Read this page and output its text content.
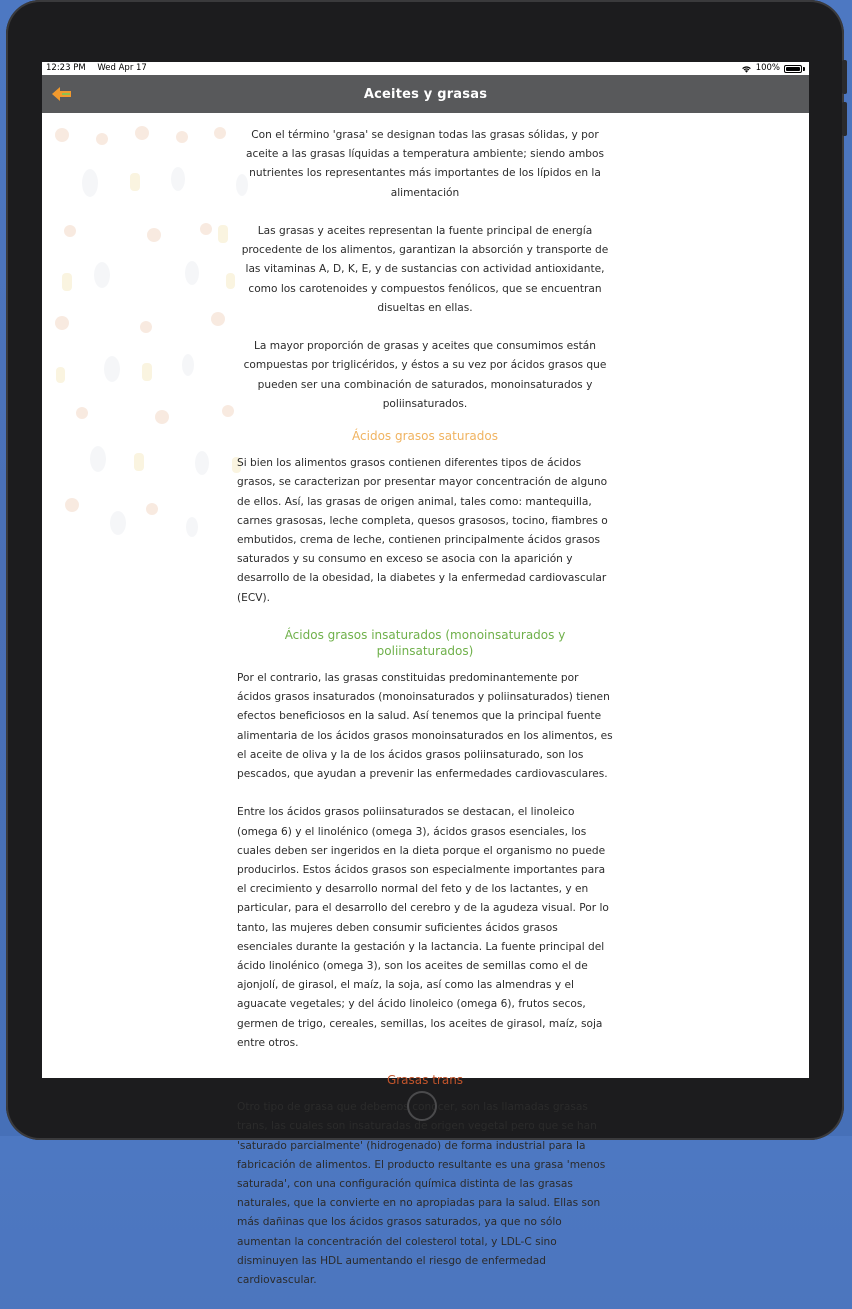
12:23 PM Wed Apr 17	100%
Aceites y grasas

Con el término 'grasa' se designan todas las grasas sólidas, y por aceite a las grasas líquidas a temperatura ambiente; siendo ambos nutrientes los representantes más importantes de los lípidos en la alimentación

Las grasas y aceites representan la fuente principal de energía procedente de los alimentos, garantizan la absorción y transporte de las vitaminas A, D, K, E, y de sustancias con actividad antioxidante, como los carotenoides y compuestos fenólicos, que se encuentran disueltas en ellas.

La mayor proporción de grasas y aceites que consumimos están compuestas por triglicéridos, y éstos a su vez por ácidos grasos que pueden ser una combinación de saturados, monoinsaturados y poliinsaturados.

Ácidos grasos saturados

Si bien los alimentos grasos contienen diferentes tipos de ácidos grasos, se caracterizan por presentar mayor concentración de alguno de ellos. Así, las grasas de origen animal, tales como: mantequilla, carnes grasosas, leche completa, quesos grasosos, tocino, fiambres o embutidos, crema de leche, contienen principalmente ácidos grasos saturados y su consumo en exceso se asocia con la aparición y desarrollo de la obesidad, la diabetes y la enfermedad cardiovascular (ECV).

Ácidos grasos insaturados (monoinsaturados y poliinsaturados)

Por el contrario, las grasas constituidas predominantemente por ácidos grasos insaturados (monoinsaturados y poliinsaturados) tienen efectos beneficiosos en la salud. Así tenemos que la principal fuente alimentaria de los ácidos grasos monoinsaturados en los alimentos, es el aceite de oliva y la de los ácidos grasos poliinsaturado, son los pescados, que ayudan a prevenir las enfermedades cardiovasculares.

Entre los ácidos grasos poliinsaturados se destacan, el linoleico (omega 6) y el linolénico (omega 3), ácidos grasos esenciales, los cuales deben ser ingeridos en la dieta porque el organismo no puede producirlos. Estos ácidos grasos son especialmente importantes para el crecimiento y desarrollo normal del feto y de los lactantes, y en particular, para el desarrollo del cerebro y de la agudeza visual. Por lo tanto, las mujeres deben consumir suficientes ácidos grasos esenciales durante la gestación y la lactancia. La fuente principal del ácido linolénico (omega 3), son los aceites de semillas como el de ajonjolí, de girasol, el maíz, la soja, así como las almendras y el aguacate vegetales; y del ácido linoleico (omega 6), frutos secos, germen de trigo, cereales, semillas, los aceites de girasol, maíz, soja entre otros.

Grasas trans

Otro tipo de grasa que debemos conocer, son las llamadas grasas trans, las cuales son insaturadas de origen vegetal pero que se han 'saturado parcialmente' (hidrogenado) de forma industrial para la fabricación de alimentos. El producto resultante es una grasa 'menos saturada', con una configuración química distinta de las grasas naturales, que la convierte en no apropiadas para la salud. Ellas son más dañinas que los ácidos grasos saturados, ya que no sólo aumentan la concentración del colesterol total, y LDL-C sino disminuyen las HDL aumentando el riesgo de enfermedad cardiovascular.
